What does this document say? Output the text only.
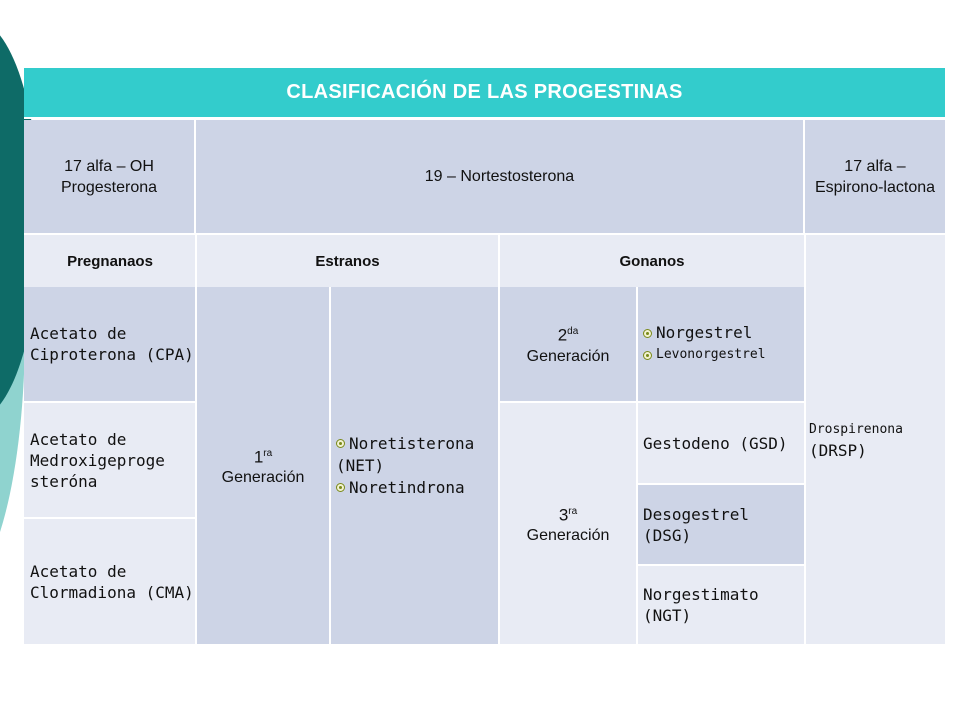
CLASIFICACIÓN DE LAS PROGESTINAS
17 alfa – OH Progesterona
19 – Nortestosterona
17 alfa – Espirono-lactona
Pregnanaos	Estranos	Gonanos
Acetato de Ciproterona (CPA)
Acetato de Medroxigeproge steróna
Acetato de Clormadiona (CMA)
$1^{ra}$
Generación
Noretisterona
(NET)
Noretindrona
$2^{da}$
Generación
Norgestrel
Levonorgestrel
$3^{ra}$
Generación
Gestodeno (GSD)
Desogestrel (DSG)
Norgestimato (NGT)
Drospirenona
(DRSP)
